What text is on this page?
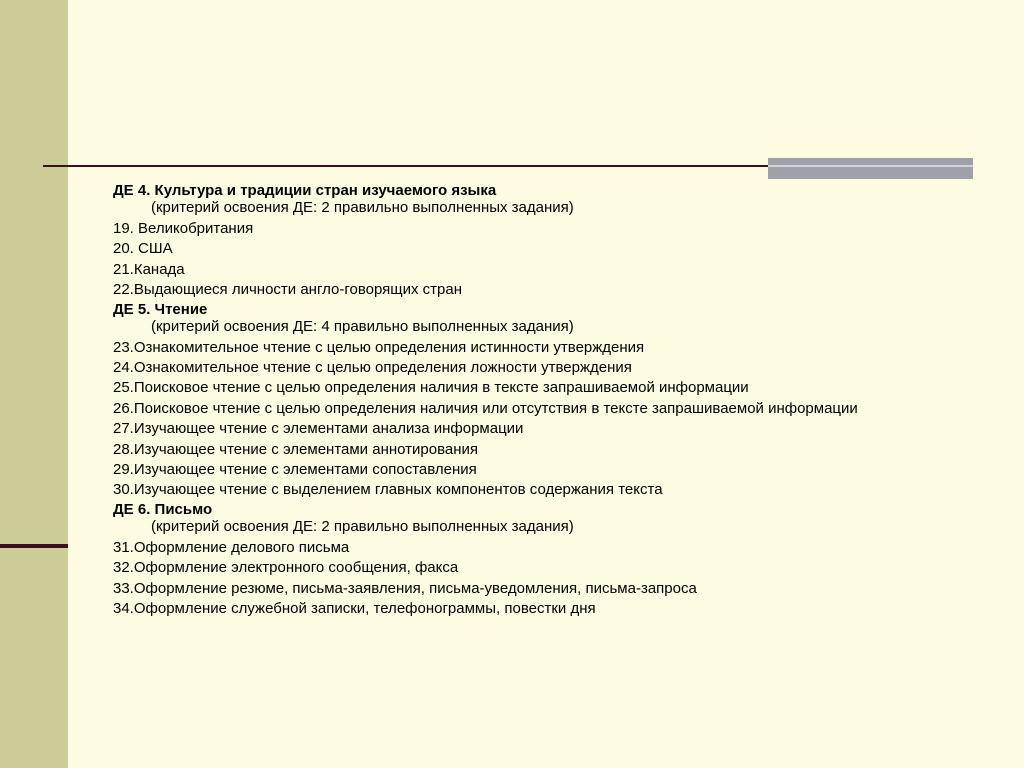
ДЕ 4. Культура и традиции стран изучаемого языка

(критерий освоения ДЕ: 2 правильно выполненных задания)

19. Великобритания

20. США

21.Канада

22.Выдающиеся личности англо-говорящих стран

ДЕ 5. Чтение

(критерий освоения ДЕ: 4 правильно выполненных задания)

23.Ознакомительное чтение с целью определения истинности утверждения

24.Ознакомительное чтение с целью определения ложности утверждения

25.Поисковое чтение с целью определения наличия в тексте запрашиваемой информации

26.Поисковое чтение с целью определения наличия или отсутствия в тексте запрашиваемой информации

27.Изучающее чтение с элементами анализа информации

28.Изучающее чтение с элементами аннотирования

29.Изучающее чтение с элементами сопоставления

30.Изучающее чтение с выделением главных компонентов содержания текста

ДЕ 6. Письмо

(критерий освоения ДЕ: 2 правильно выполненных задания)

31.Оформление делового письма

32.Оформление электронного сообщения, факса

33.Оформление резюме, письма-заявления, письма-уведомления, письма-запроса

34.Оформление служебной записки, телефонограммы, повестки дня
